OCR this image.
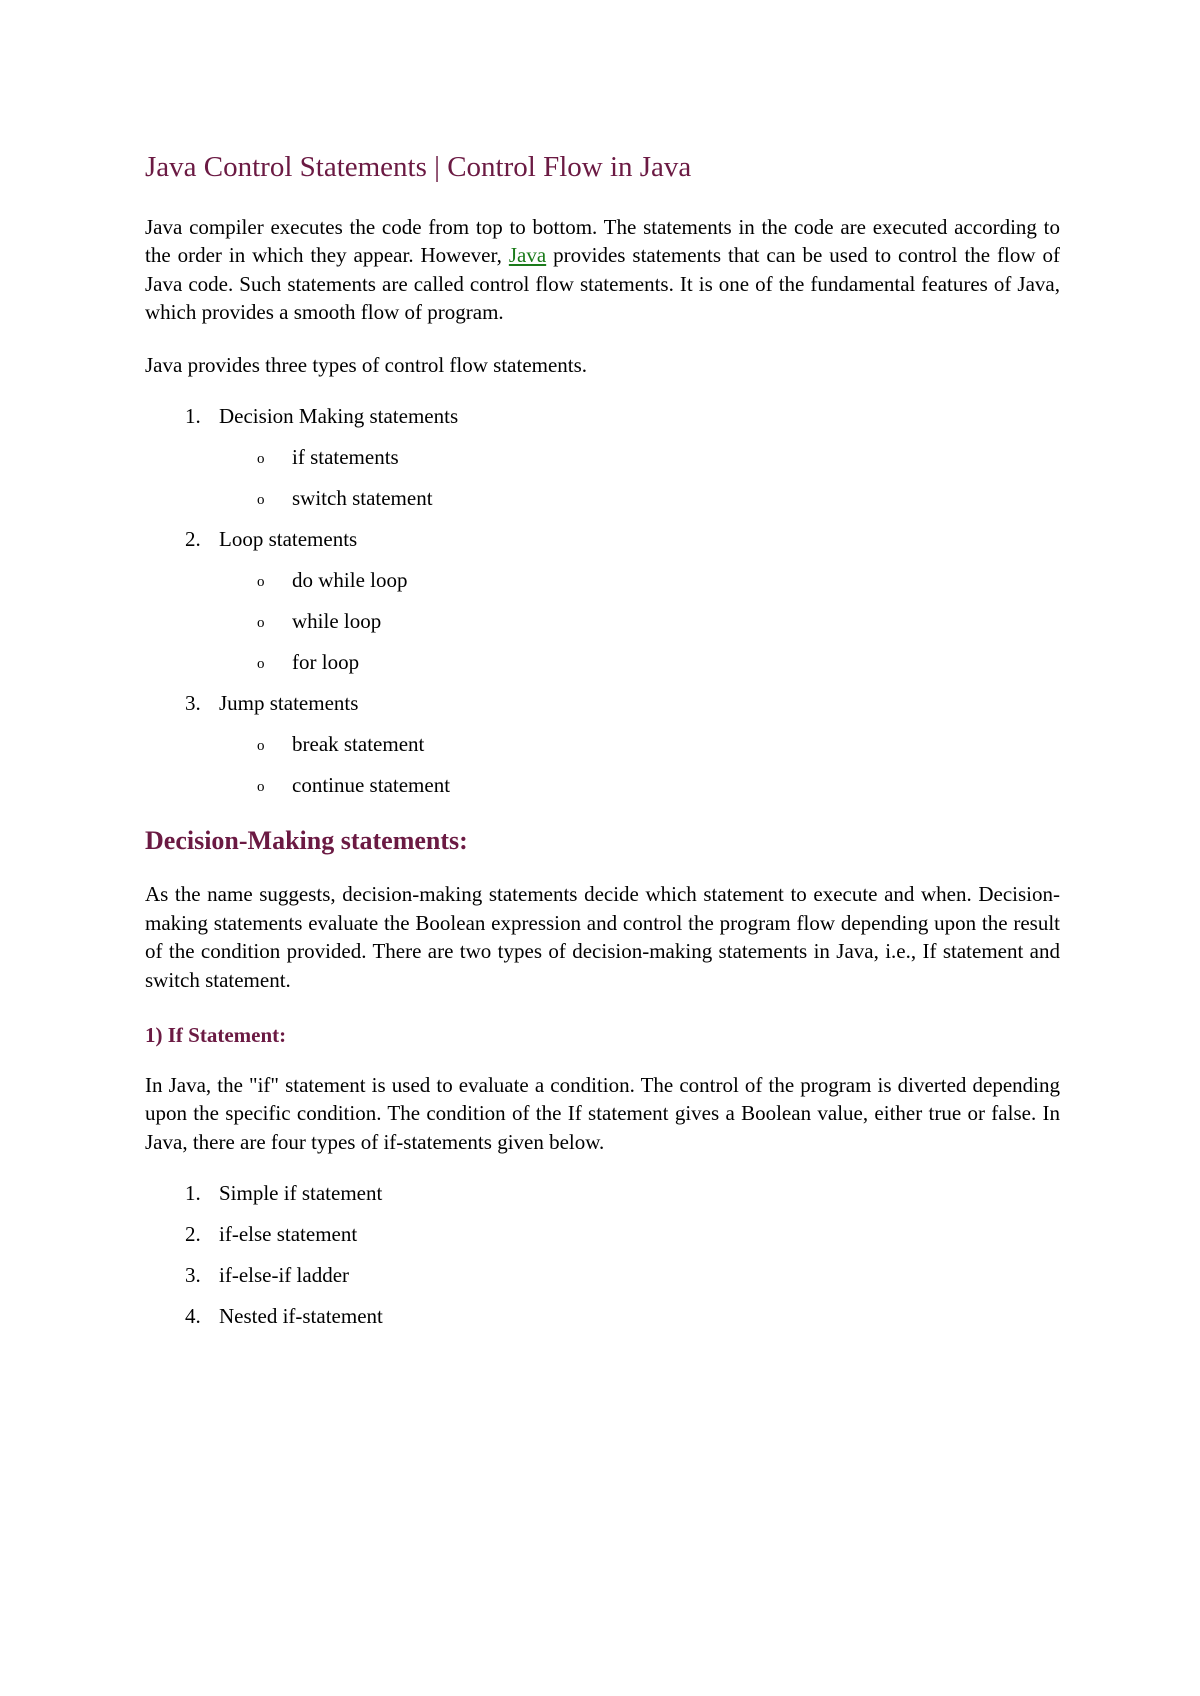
Java Control Statements | Control Flow in Java

Java compiler executes the code from top to bottom. The statements in the code are executed according to the order in which they appear. However, Java provides statements that can be used to control the flow of Java code. Such statements are called control flow statements. It is one of the fundamental features of Java, which provides a smooth flow of program.

Java provides three types of control flow statements.

1. Decision Making statements
o if statements
o switch statement
2. Loop statements
o do while loop
o while loop
o for loop
3. Jump statements
o break statement
o continue statement
Decision-Making statements:

As the name suggests, decision-making statements decide which statement to execute and when. Decision-making statements evaluate the Boolean expression and control the program flow depending upon the result of the condition provided. There are two types of decision-making statements in Java, i.e., If statement and switch statement.

1) If Statement:

In Java, the "if" statement is used to evaluate a condition. The control of the program is diverted depending upon the specific condition. The condition of the If statement gives a Boolean value, either true or false. In Java, there are four types of if-statements given below.

1. Simple if statement
2. if-else statement
3. if-else-if ladder
4. Nested if-statement
